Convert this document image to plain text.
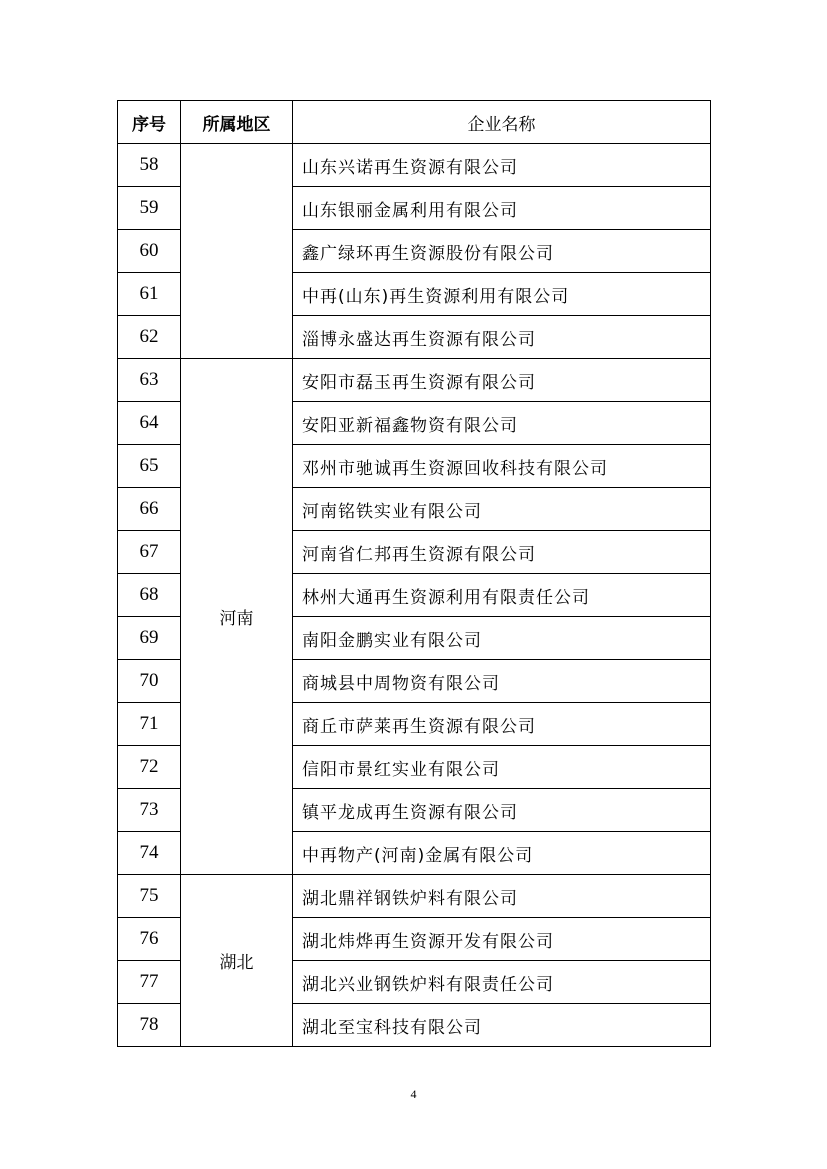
序号	所属地区	企业名称
58		山东兴诺再生资源有限公司
59		山东银丽金属利用有限公司
60		鑫广绿环再生资源股份有限公司
61		中再(山东)再生资源利用有限公司
62		淄博永盛达再生资源有限公司
63	河南	安阳市磊玉再生资源有限公司
64		安阳亚新福鑫物资有限公司
65		邓州市驰诚再生资源回收科技有限公司
66		河南铭铁实业有限公司
67		河南省仁邦再生资源有限公司
68		林州大通再生资源利用有限责任公司
69		南阳金鹏实业有限公司
70		商城县中周物资有限公司
71		商丘市萨莱再生资源有限公司
72		信阳市景红实业有限公司
73		镇平龙成再生资源有限公司
74		中再物产(河南)金属有限公司
75	湖北	湖北鼎祥钢铁炉料有限公司
76		湖北炜烨再生资源开发有限公司
77		湖北兴业钢铁炉料有限责任公司
78		湖北至宝科技有限公司
4
